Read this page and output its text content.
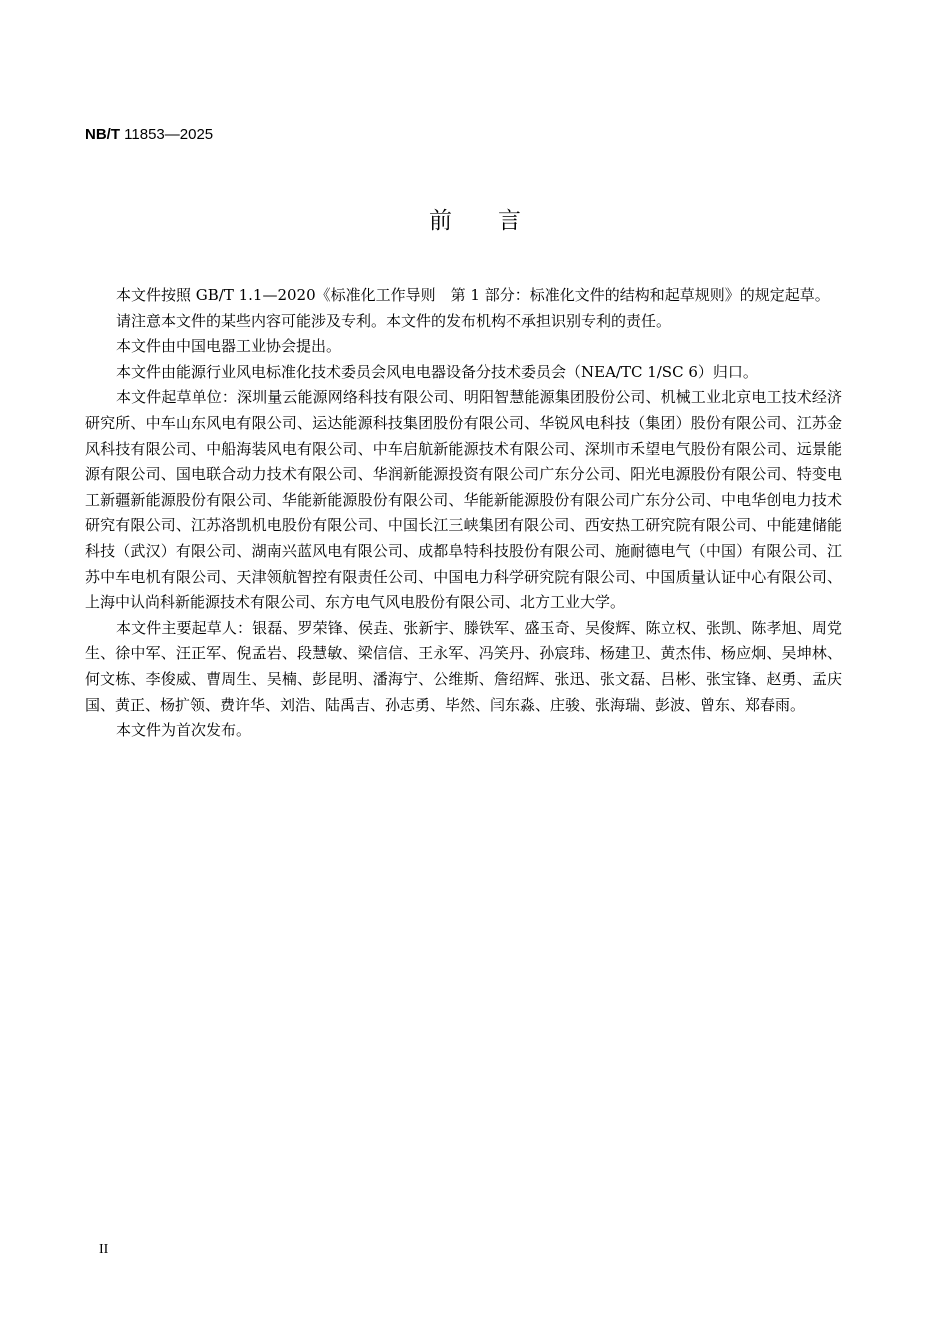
NB/T 11853—2025
前言

本文件按照 GB/T 1.1—2020《标准化工作导则　第 1 部分：标准化文件的结构和起草规则》的规定起草。

请注意本文件的某些内容可能涉及专利。本文件的发布机构不承担识别专利的责任。

本文件由中国电器工业协会提出。

本文件由能源行业风电标准化技术委员会风电电器设备分技术委员会（NEA/TC 1/SC 6）归口。

本文件起草单位：深圳量云能源网络科技有限公司、明阳智慧能源集团股份公司、机械工业北京电工技术经济研究所、中车山东风电有限公司、运达能源科技集团股份有限公司、华锐风电科技（集团）股份有限公司、江苏金风科技有限公司、中船海装风电有限公司、中车启航新能源技术有限公司、深圳市禾望电气股份有限公司、远景能源有限公司、国电联合动力技术有限公司、华润新能源投资有限公司广东分公司、阳光电源股份有限公司、特变电工新疆新能源股份有限公司、华能新能源股份有限公司、华能新能源股份有限公司广东分公司、中电华创电力技术研究有限公司、江苏洛凯机电股份有限公司、中国长江三峡集团有限公司、西安热工研究院有限公司、中能建储能科技（武汉）有限公司、湖南兴蓝风电有限公司、成都阜特科技股份有限公司、施耐德电气（中国）有限公司、江苏中车电机有限公司、天津领航智控有限责任公司、中国电力科学研究院有限公司、中国质量认证中心有限公司、上海中认尚科新能源技术有限公司、东方电气风电股份有限公司、北方工业大学。

本文件主要起草人：银磊、罗荣锋、侯垚、张新宇、滕铁军、盛玉奇、吴俊辉、陈立权、张凯、陈孝旭、周党生、徐中军、汪正军、倪孟岩、段慧敏、梁信信、王永军、冯笑丹、孙宸玮、杨建卫、黄杰伟、杨应炯、吴坤林、何文栋、李俊威、曹周生、吴楠、彭昆明、潘海宁、公维斯、詹绍辉、张迅、张文磊、吕彬、张宝锋、赵勇、孟庆国、黄正、杨扩领、费许华、刘浩、陆禹吉、孙志勇、毕然、闫东淼、庄骏、张海瑞、彭波、曾东、郑春雨。

本文件为首次发布。

II
